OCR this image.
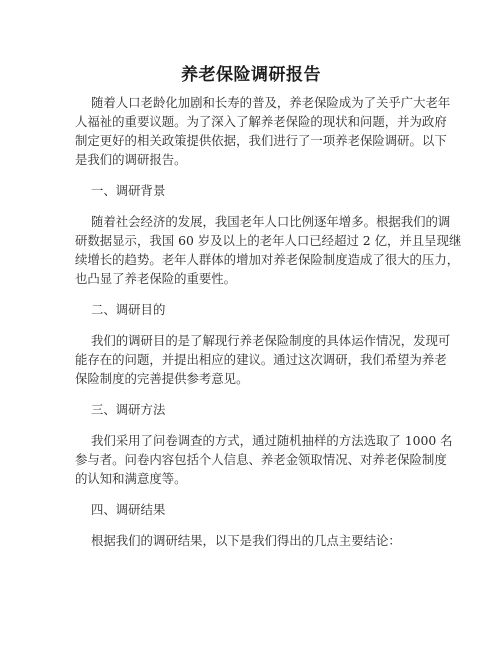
养老保险调研报告
随着人口老龄化加剧和长寿的普及，养老保险成为了关乎广大老年
人福祉的重要议题。为了深入了解养老保险的现状和问题，并为政府
制定更好的相关政策提供依据，我们进行了一项养老保险调研。以下
是我们的调研报告。
一、调研背景
随着社会经济的发展，我国老年人口比例逐年增多。根据我们的调
研数据显示，我国 60 岁及以上的老年人口已经超过 2 亿，并且呈现继
续增长的趋势。老年人群体的增加对养老保险制度造成了很大的压力，
也凸显了养老保险的重要性。
二、调研目的
我们的调研目的是了解现行养老保险制度的具体运作情况，发现可
能存在的问题，并提出相应的建议。通过这次调研，我们希望为养老
保险制度的完善提供参考意见。
三、调研方法
我们采用了问卷调查的方式，通过随机抽样的方法选取了 1000 名
参与者。问卷内容包括个人信息、养老金领取情况、对养老保险制度
的认知和满意度等。
四、调研结果
根据我们的调研结果，以下是我们得出的几点主要结论：
